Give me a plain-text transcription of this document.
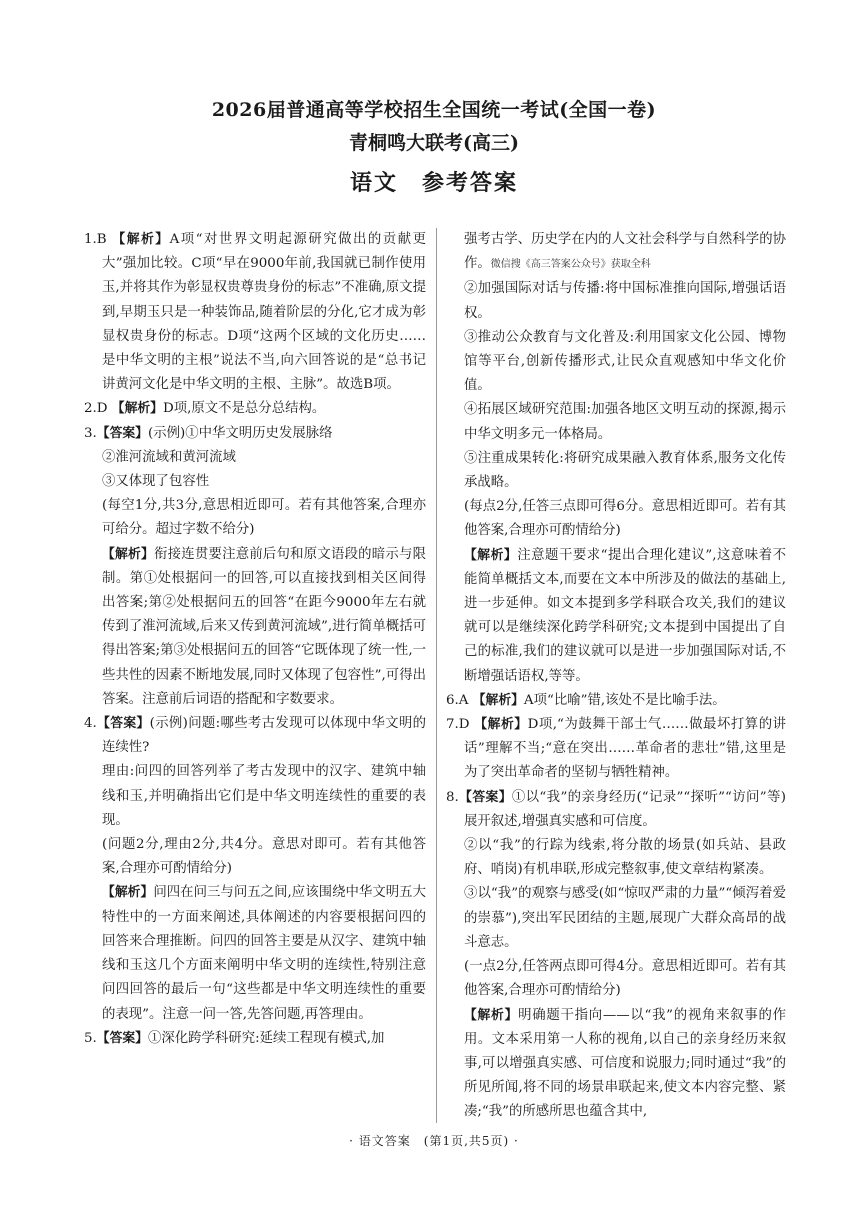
2026届普通高等学校招生全国统一考试(全国一卷)
青桐鸣大联考(高三)
语文　参考答案

1.B 【解析】A项“对世界文明起源研究做出的贡献更大”强加比较。C项“早在9000年前,我国就已制作使用玉,并将其作为彰显权贵尊贵身份的标志”不准确,原文提到,早期玉只是一种装饰品,随着阶层的分化,它才成为彰显权贵身份的标志。D项“这两个区域的文化历史……是中华文明的主根”说法不当,向六回答说的是“总书记讲黄河文化是中华文明的主根、主脉”。故选B项。

2.D 【解析】D项,原文不是总分总结构。

3.【答案】(示例)①中华文明历史发展脉络

②淮河流域和黄河流域

③又体现了包容性

(每空1分,共3分,意思相近即可。若有其他答案,合理亦可给分。超过字数不给分)

【解析】衔接连贯要注意前后句和原文语段的暗示与限制。第①处根据问一的回答,可以直接找到相关区间得出答案;第②处根据问五的回答“在距今9000年左右就传到了淮河流域,后来又传到黄河流域”,进行简单概括可得出答案;第③处根据问五的回答“它既体现了统一性,一些共性的因素不断地发展,同时又体现了包容性”,可得出答案。注意前后词语的搭配和字数要求。

4.【答案】(示例)问题:哪些考古发现可以体现中华文明的连续性?

理由:问四的回答列举了考古发现中的汉字、建筑中轴线和玉,并明确指出它们是中华文明连续性的重要的表现。

(问题2分,理由2分,共4分。意思对即可。若有其他答案,合理亦可酌情给分)

【解析】问四在问三与问五之间,应该围绕中华文明五大特性中的一方面来阐述,具体阐述的内容要根据问四的回答来合理推断。问四的回答主要是从汉字、建筑中轴线和玉这几个方面来阐明中华文明的连续性,特别注意问四回答的最后一句“这些都是中华文明连续性的重要的表现”。注意一问一答,先答问题,再答理由。

5.【答案】①深化跨学科研究:延续工程现有模式,加

强考古学、历史学在内的人文社会科学与自然科学的协作。微信搜《高三答案公众号》获取全科

②加强国际对话与传播:将中国标准推向国际,增强话语权。

③推动公众教育与文化普及:利用国家文化公园、博物馆等平台,创新传播形式,让民众直观感知中华文化价值。

④拓展区域研究范围:加强各地区文明互动的探源,揭示中华文明多元一体格局。

⑤注重成果转化:将研究成果融入教育体系,服务文化传承战略。

(每点2分,任答三点即可得6分。意思相近即可。若有其他答案,合理亦可酌情给分)

【解析】注意题干要求“提出合理化建议”,这意味着不能简单概括文本,而要在文本中所涉及的做法的基础上,进一步延伸。如文本提到多学科联合攻关,我们的建议就可以是继续深化跨学科研究;文本提到中国提出了自己的标准,我们的建议就可以是进一步加强国际对话,不断增强话语权,等等。

6.A 【解析】A项“比喻”错,该处不是比喻手法。

7.D 【解析】D项,“为鼓舞干部士气……做最坏打算的讲话”理解不当;“意在突出……革命者的悲壮”错,这里是为了突出革命者的坚韧与牺牲精神。

8.【答案】①以“我”的亲身经历(“记录”“探听”“访问”等)展开叙述,增强真实感和可信度。

②以“我”的行踪为线索,将分散的场景(如兵站、县政府、哨岗)有机串联,形成完整叙事,使文章结构紧凑。

③以“我”的观察与感受(如“惊叹严肃的力量”“倾泻着爱的崇慕”),突出军民团结的主题,展现广大群众高昂的战斗意志。

(一点2分,任答两点即可得4分。意思相近即可。若有其他答案,合理亦可酌情给分)

【解析】明确题干指向——以“我”的视角来叙事的作用。文本采用第一人称的视角,以自己的亲身经历来叙事,可以增强真实感、可信度和说服力;同时通过“我”的所见所闻,将不同的场景串联起来,使文本内容完整、紧凑;“我”的所感所思也蕴含其中,

· 语文答案　(第1页,共5页) ·
